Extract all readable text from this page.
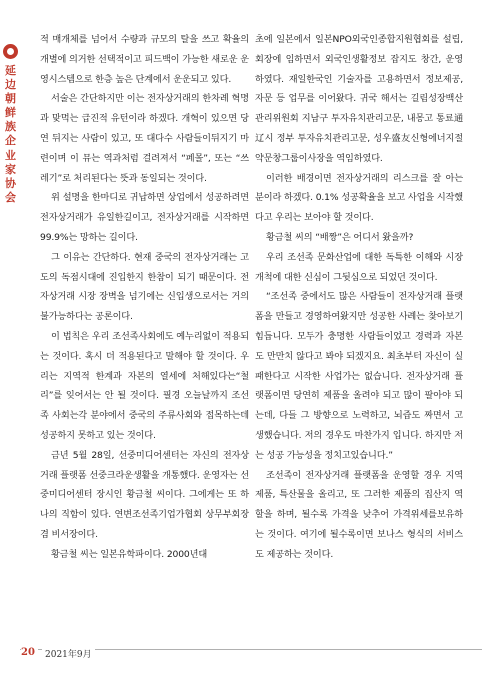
延边朝鲜族企业家协会

적 매개체를 넘어서 수량과 규모의 탈을 쓰고 확율의 개별에 의거한 선택적이고 피드백이 가능한 새로운 운영시스템으로 한층 높은 단계에서 운운되고 있다.

서술은 간단하지만 이는 전자상거래의 한차례 혁명과 맞먹는 급진적 유턴이라 하겠다. 개혁이 있으면 당연 뒤지는 사람이 있고, 또 대다수 사람들이뒤지기 마련이며 이 뮤는 역과처럼 걸려져서 “페몰”, 또는 “쓰레기”로 처리된다는 뜻과 동일되는 것이다.

위 설명을 한마디로 귀납하면 상업에서 성공하려면 전자상거래가 유일한길이고, 전자상거래를 시작하면 99.9%는 망하는 길이다.

그 이유는 간단하다. 현재 중국의 전자상거래는 고도의 독점시대에 진입한지 한참이 되기 때문이다. 전자상거래 시장 장벽을 넘기에는 신입생으로서는 거의 불가능하다는 공론이다.

이 법칙은 우리 조선족사회에도 예누리없이 적용되는 것이다. 혹시 더 적용된다고 말해야 할 것이다. 우리는 지역적 한계과 자본의 열세에 처해있다는“철리”를 잊어서는 안 될 것이다. 필경 오늘날까지 조선족 사회는각 분야에서 중국의 주류사회와 접목하는데 성공하지 못하고 있는 것이다.

금년 5월 28일, 선중미디어센터는 자신의 전자상거래 플랫폼 선중크라운생활을 개통했다. 운영자는 선중미디어센터 장시인 황금철 씨이다. 그에게는 또 하나의 직함이 있다. 연변조선족기업가협회 상무부회장 겸 비서장이다.

황금철 씨는 일본유학파이다. 2000년대

초에 일본에서 일본NPO외국인종합지원협회를 설립, 회장에 임하면서 외국인생활정보 잡지도 창간, 운영하였다. 재일한국인 기술자를 고용하면서 정보제공, 자문 등 업무를 이어왔다. 귀국 해서는 길림성장백산관리위원회 지남구 투자유치관리고문, 내몽고 통료通辽시 정부 투자유치관리고문, 성우盛友신형에너지절약문창그룹이사장을 역임하였다.

이러한 배경이면 전자상거래의 리스크를 잘 아는 분이라 하겠다. 0.1% 성공확율을 보고 사업을 시작했다고 우리는 보아야 할 것이다.

황금철 씨의 “배짱”은 어디서 왔을까?

우리 조선족 문화산업에 대한 독특한 이해와 시장개척에 대한 신심이 그뒷심으로 되었던 것이다.

“조선족 중에서도 많은 사람들이 전자상거래 플랫폼을 만들고 경영하여왔지만 성공한 사례는 찾아보기 힘듭니다. 모두가 충명한 사람들이었고 경력과 자본도 만만치 않다고 봐야 되겠지요. 최초부터 자신이 실패한다고 시작한 사업가는 없습니다. 전자상거래 플랫폼이면 당연히 제품을 올려야 되고 많이 팔아야 되는데, 다들 그 방향으로 노력하고, 뇌즙도 짜면서 고생했습니다. 저의 경우도 마찬가지 입니다. 하지만 저는 성공 가능성을 정치고있습니다.”

조선족이 전자상거래 플랫폼을 운영할 경우 지역제품, 특산물을 올리고, 또 그러한 제품의 집산지 역할을 하며, 될수록 가격을 낮추어 가격위세를보유하는 것이다. 여기에 될수록이면 보나스 형식의 서비스도 제공하는 것이다.

20	2021年9月
